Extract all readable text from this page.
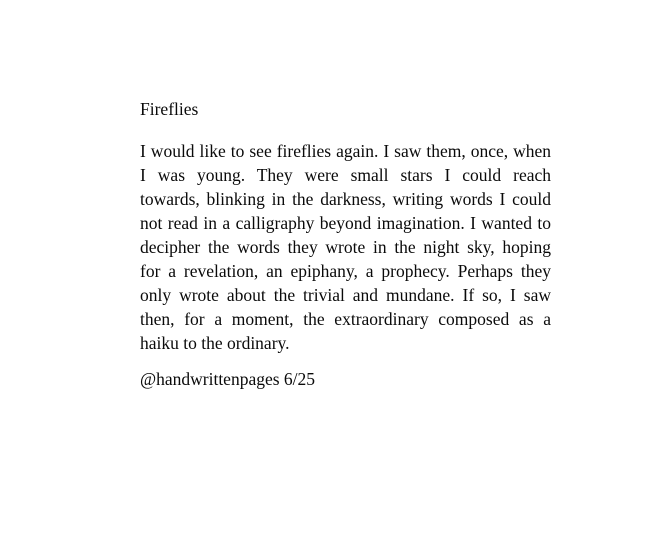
Fireflies
I would like to see fireflies again. I saw them, once, when
I was young. They were small stars I could reach
towards, blinking in the darkness, writing words I could
not read in a calligraphy beyond imagination. I wanted to
decipher the words they wrote in the night sky, hoping
for a revelation, an epiphany, a prophecy. Perhaps they
only wrote about the trivial and mundane. If so, I saw
then, for a moment, the extraordinary composed as a
haiku to the ordinary.
@handwrittenpages 6/25
